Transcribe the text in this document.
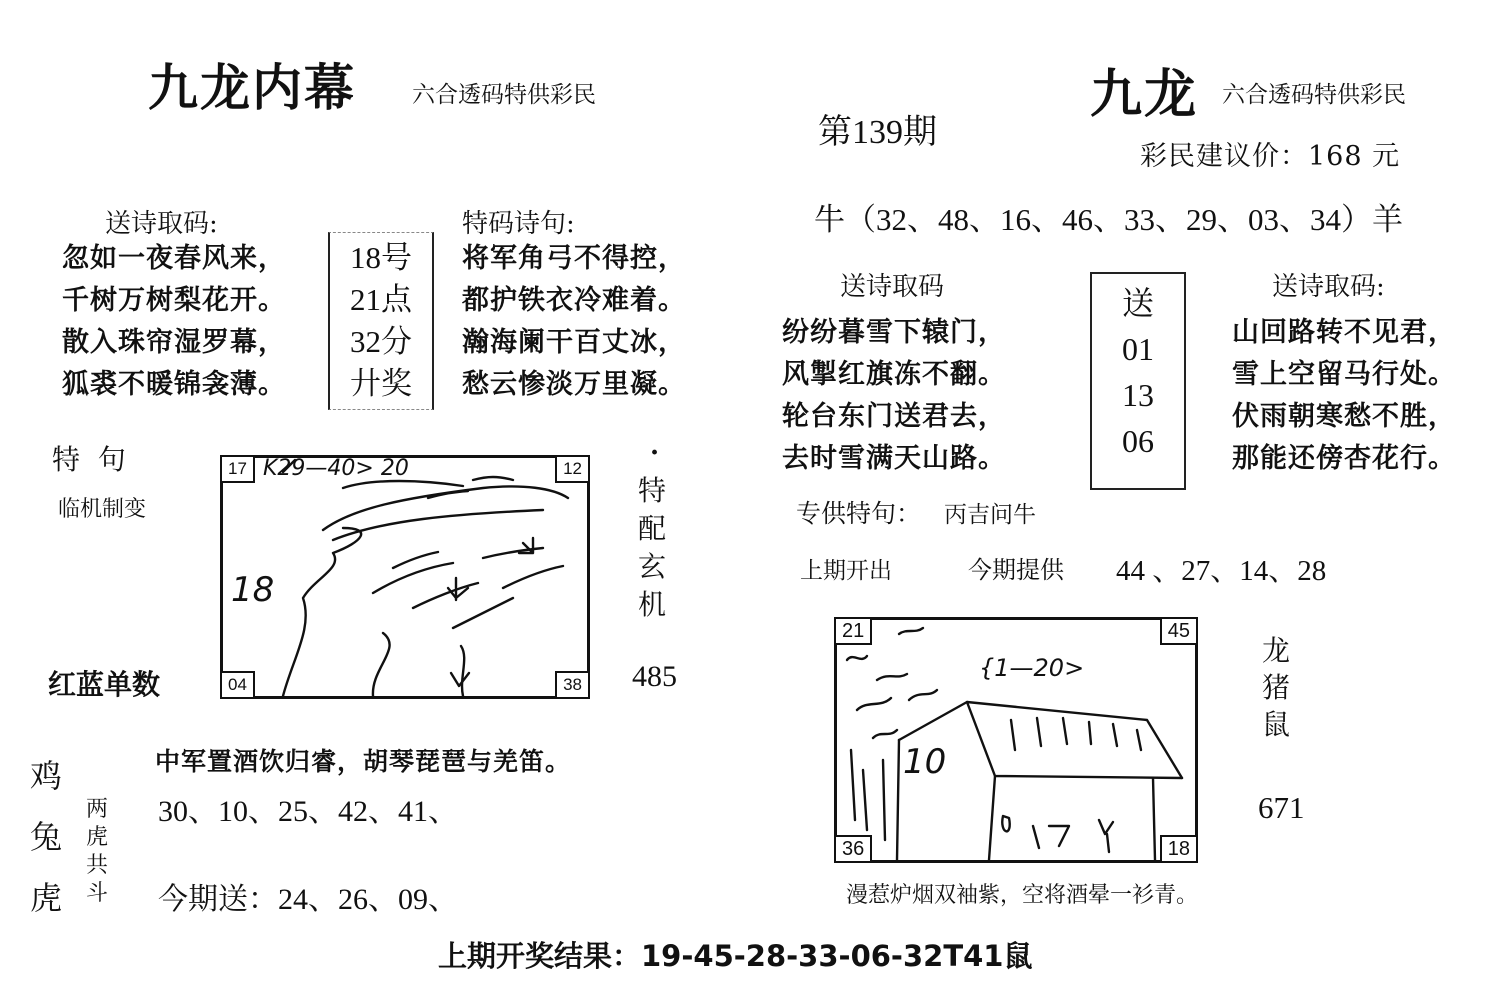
九龙内幕 六合透码特供彩民
送诗取码:
忽如一夜春风来，
千树万树梨花开。
散入珠帘湿罗幕，
狐裘不暖锦衾薄。
18号
21点
32分
廾奖
特码诗句:
将军角弓不得控，
都护铁衣冷难着。
瀚海阑干百丈冰，
愁云惨淡万里凝。
特  句
临机制变
K29—40> 20
18
17	12
04	38
·
特
配
玄
机
红蓝单数	485
鸡
兔
虎
两
虎
共
斗
中军置酒饮归睿，胡琴琵琶与羌笛。
30、10、25、42、41、
今期送：24、26、09、
第139期
九龙 六合透码特供彩民
彩民建议价：168 元
牛（32、48、16、46、33、29、03、34）羊
送诗取码
纷纷暮雪下辕门，
风掣红旗冻不翻。
轮台东门送君去，
去时雪满天山路。
送
01
13
06
送诗取码:
山回路转不见君，
雪上空留马行处。
伏雨朝寒愁不胜，
那能还傍杏花行。
专供特句： 丙吉问牛
上期开出	今期提供 44 、27、14、28
{1—20>
10
21	45
36	18
龙
猪
鼠
671
漫惹炉烟双袖紫，空将酒晕一衫青。
上期开奖结果：19-45-28-33-06-32T41鼠
